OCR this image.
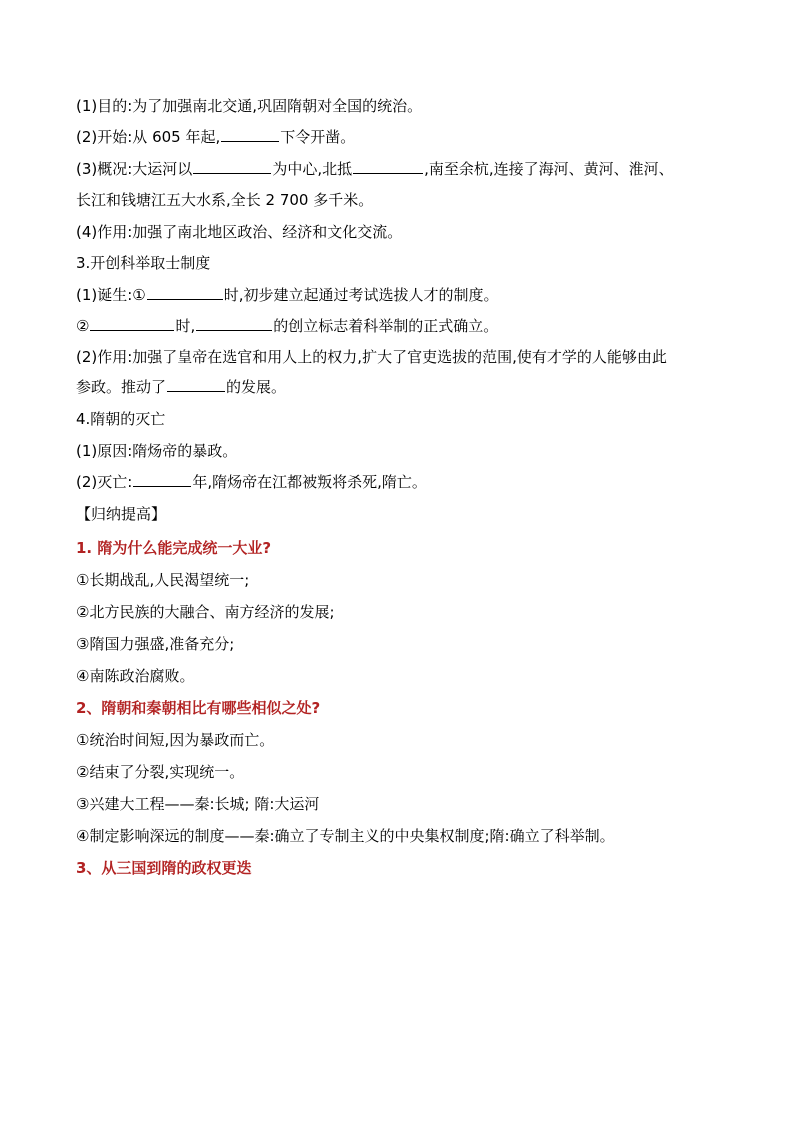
(1)目的:为了加强南北交通,巩固隋朝对全国的统治。
(2)开始:从 605 年起,	下令开凿。
(3)概况:大运河以	为中心,北抵	,南至余杭,连接了海河、黄河、淮河、
长江和钱塘江五大水系,全长 2 700 多千米。
(4)作用:加强了南北地区政治、经济和文化交流。
3.开创科举取士制度
(1)诞生:①	时,初步建立起通过考试选拔人才的制度。
②	时,	的创立标志着科举制的正式确立。
(2)作用:加强了皇帝在选官和用人上的权力,扩大了官吏选拔的范围,使有才学的人能够由此
参政。推动了	的发展。
4.隋朝的灭亡
(1)原因:隋炀帝的暴政。
(2)灭亡:	年,隋炀帝在江都被叛将杀死,隋亡。
【归纳提高】
1. 隋为什么能完成统一大业?
①长期战乱,人民渴望统一;
②北方民族的大融合、南方经济的发展;
③隋国力强盛,准备充分;
④南陈政治腐败。
2、隋朝和秦朝相比有哪些相似之处?
①统治时间短,因为暴政而亡。
②结束了分裂,实现统一。
③兴建大工程——秦:长城; 隋:大运河
④制定影响深远的制度——秦:确立了专制主义的中央集权制度;隋:确立了科举制。
3、从三国到隋的政权更迭
